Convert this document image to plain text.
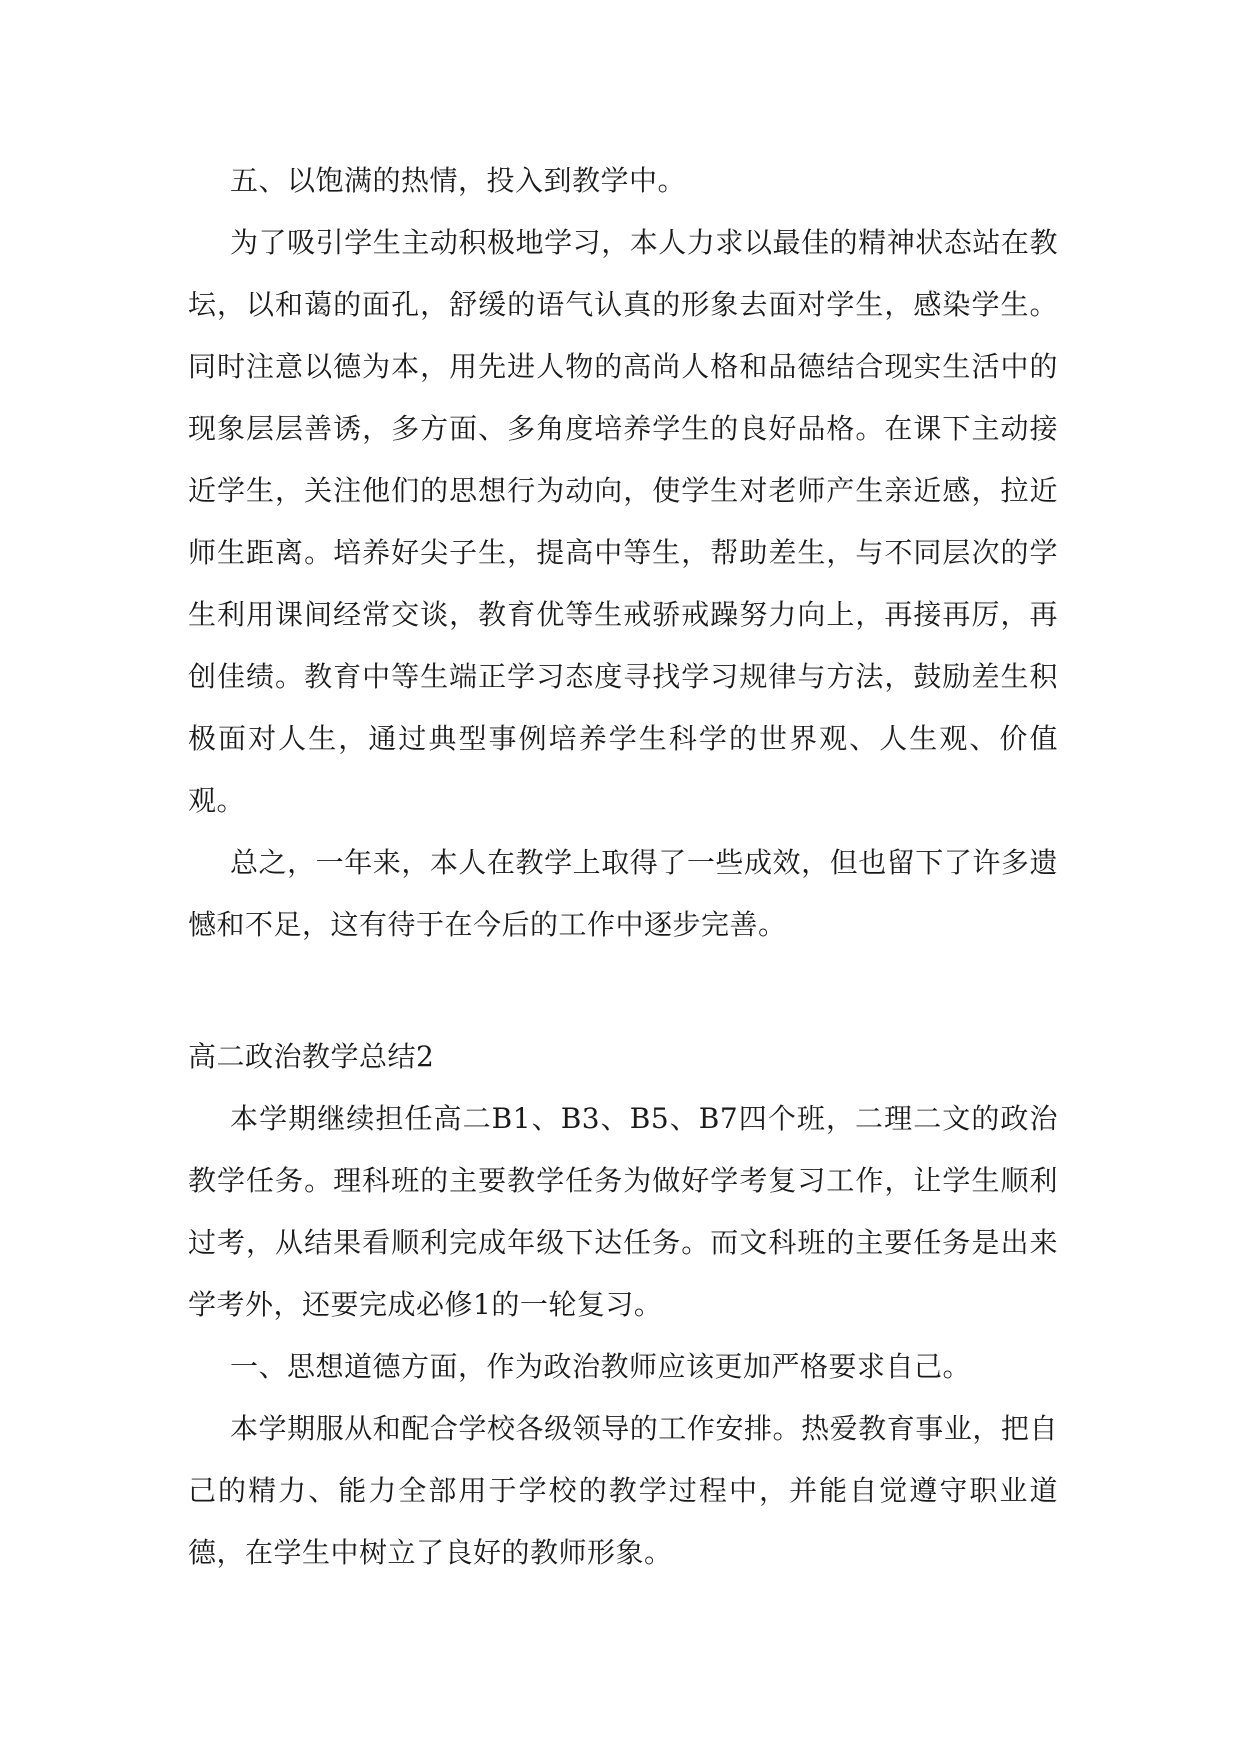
五、以饱满的热情，投入到教学中。

为了吸引学生主动积极地学习，本人力求以最佳的精神状态站在教坛，以和蔼的面孔，舒缓的语气认真的形象去面对学生，感染学生。同时注意以德为本，用先进人物的高尚人格和品德结合现实生活中的现象层层善诱，多方面、多角度培养学生的良好品格。在课下主动接近学生，关注他们的思想行为动向，使学生对老师产生亲近感，拉近师生距离。培养好尖子生，提高中等生，帮助差生，与不同层次的学生利用课间经常交谈，教育优等生戒骄戒躁努力向上，再接再厉，再创佳绩。教育中等生端正学习态度寻找学习规律与方法，鼓励差生积极面对人生，通过典型事例培养学生科学的世界观、人生观、价值观。

总之，一年来，本人在教学上取得了一些成效，但也留下了许多遗憾和不足，这有待于在今后的工作中逐步完善。

高二政治教学总结2

本学期继续担任高二B1、B3、B5、B7四个班，二理二文的政治教学任务。理科班的主要教学任务为做好学考复习工作，让学生顺利过考，从结果看顺利完成年级下达任务。而文科班的主要任务是出来学考外，还要完成必修1的一轮复习。

一、思想道德方面，作为政治教师应该更加严格要求自己。

本学期服从和配合学校各级领导的工作安排。热爱教育事业，把自己的精力、能力全部用于学校的教学过程中，并能自觉遵守职业道德，在学生中树立了良好的教师形象。
